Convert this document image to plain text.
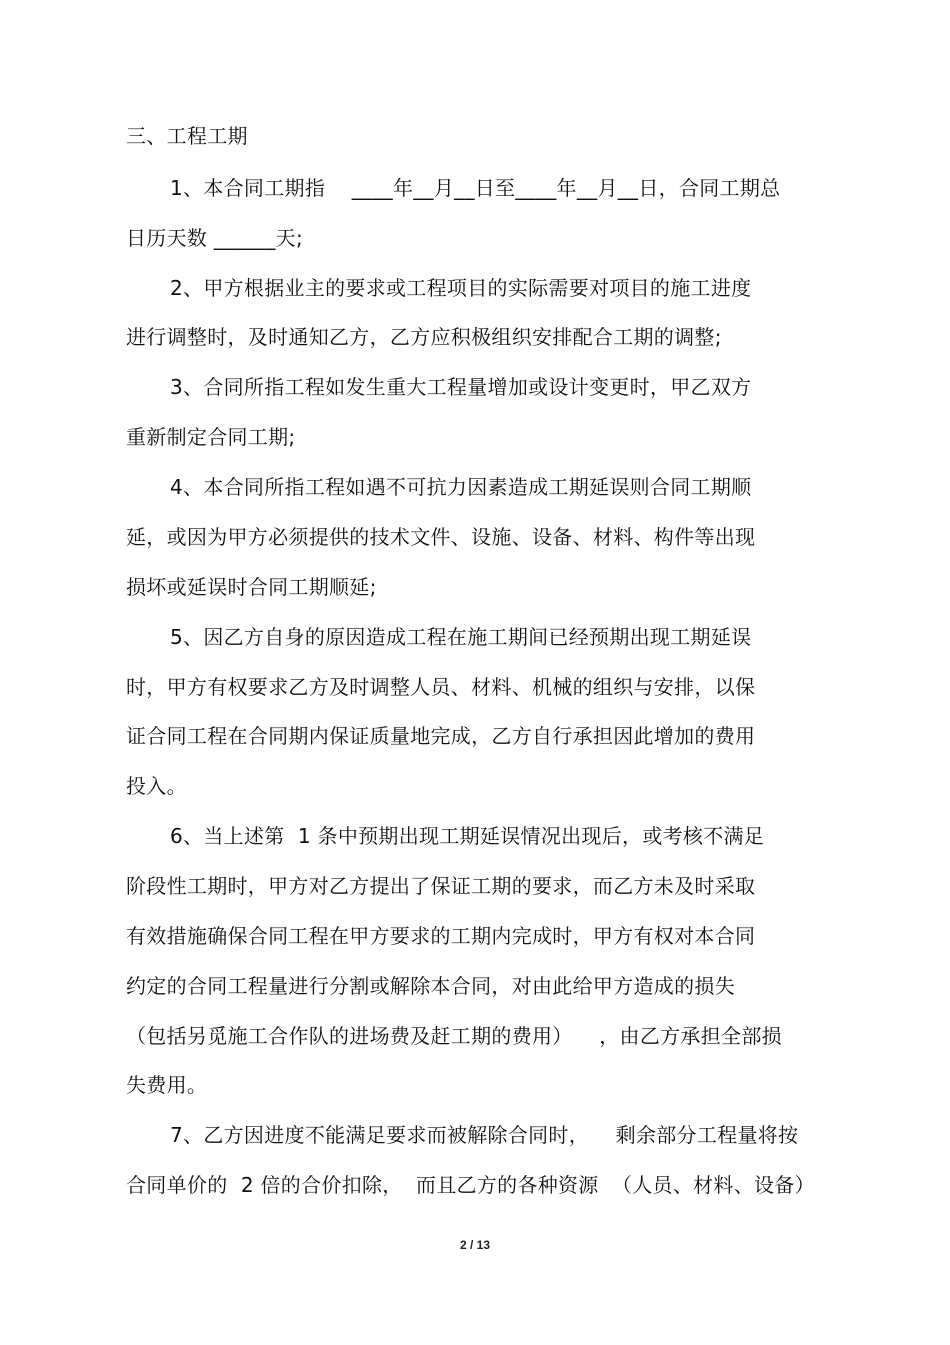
三、工程工期
1、本合同工期指    ____年__月__日至____年__月__日，合同工期总
日历天数 ______天;
2、甲方根据业主的要求或工程项目的实际需要对项目的施工进度
进行调整时，及时通知乙方，乙方应积极组织安排配合工期的调整;
3、合同所指工程如发生重大工程量增加或设计变更时，甲乙双方
重新制定合同工期;
4、本合同所指工程如遇不可抗力因素造成工期延误则合同工期顺
延，或因为甲方必须提供的技术文件、设施、设备、材料、构件等出现
损坏或延误时合同工期顺延;
5、因乙方自身的原因造成工程在施工期间已经预期出现工期延误
时，甲方有权要求乙方及时调整人员、材料、机械的组织与安排，以保
证合同工程在合同期内保证质量地完成，乙方自行承担因此增加的费用
投入。
6、当上述第  1 条中预期出现工期延误情况出现后，或考核不满足
阶段性工期时，甲方对乙方提出了保证工期的要求，而乙方未及时采取
有效措施确保合同工程在甲方要求的工期内完成时，甲方有权对本合同
约定的合同工程量进行分割或解除本合同，对由此给甲方造成的损失
（包括另觅施工合作队的进场费及赶工期的费用）    ，由乙方承担全部损
失费用。
7、乙方因进度不能满足要求而被解除合同时，    剩余部分工程量将按
合同单价的  2 倍的合价扣除，  而且乙方的各种资源  （人员、材料、设备）
2 / 13
